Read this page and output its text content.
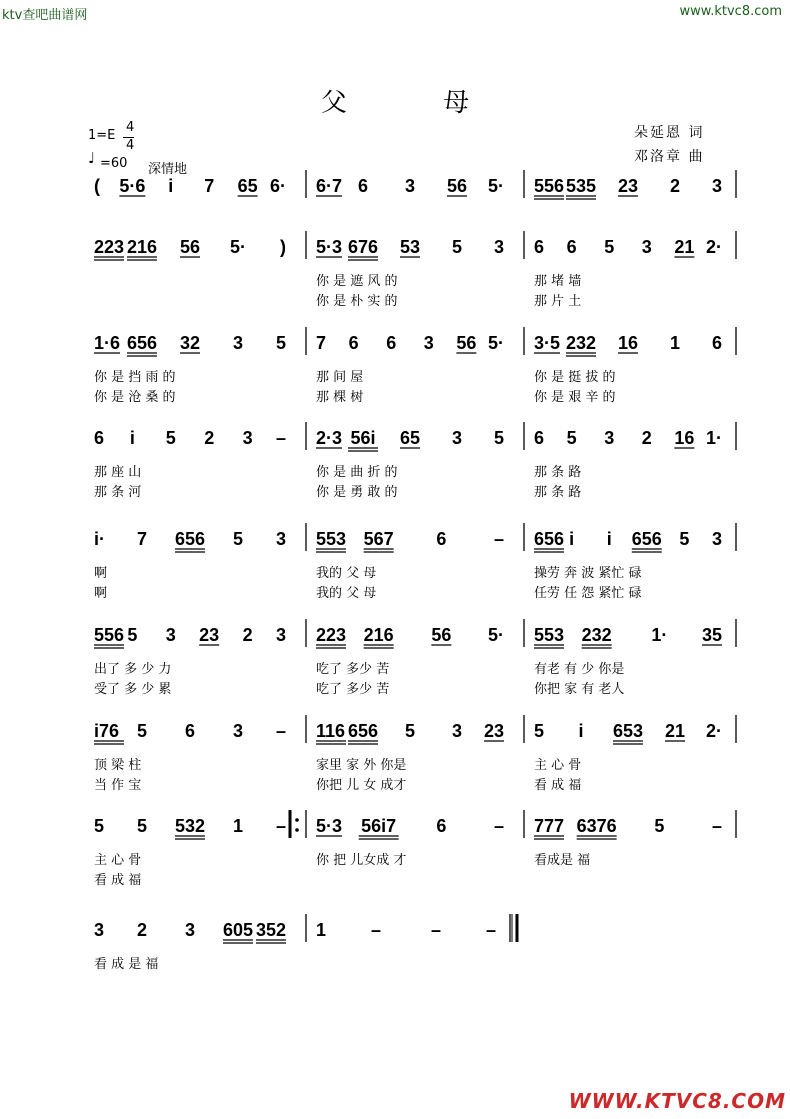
ktv查吧曲谱网	www.ktvc8.com
父 母
1=E
4
4
♩ =60 深情地
朵延恩 词
邓洛章 曲
( 5·6 i 7 65 6· 6·7 6 3 56 5· 556 535 23 2 3
223 216 56 5· ) 5·3 676 53 5 3 6 6 5 3 21 2·
你 是 遮 风 的	那 堵 墙
你 是 朴 实 的	那 片 土
1·6 656 32 3 5 7 6 6 3 56 5· 3·5 232 16 1 6
你 是 挡 雨 的	那 间 屋	你 是 挺 拔 的
你 是 沧 桑 的	那 棵 树	你 是 艰 辛 的
6 i 5 2 3 – 2·3 56i 65 3 5 6 5 3 2 16 1·
那 座 山	你 是 曲 折 的	那 条 路
那 条 河	你 是 勇 敢 的	那 条 路
i· 7 656 5 3 553 567 6	– 656 i i 656 5 3
啊	我的 父 母	操劳 奔 波 紧忙 碌
啊	我的 父 母	任劳 任 怨 紧忙 碌
556 5 3 23 2 3 223 216 56 5· 553 232 1· 35
出了 多 少 力	吃了 多少 苦	有老 有 少 你是
受了 多 少 累	吃了 多少 苦	你把 家 有 老人
i76 5 6 3 – 116 656 5 3 23 5 i 653 21 2·
顶 梁 柱	家里 家 外 你是	主 心 骨
当 作 宝	你把 儿 女 成才	看 成 福
5 5 532 1 – 5·3 56i7 6	– 777 6376 5	–
主 心 骨	你 把 儿女成 才	看成是 福
看 成 福
3 2 3 605 352 1 –	– –
看 成 是 福
WWW.KTVC8.COM
